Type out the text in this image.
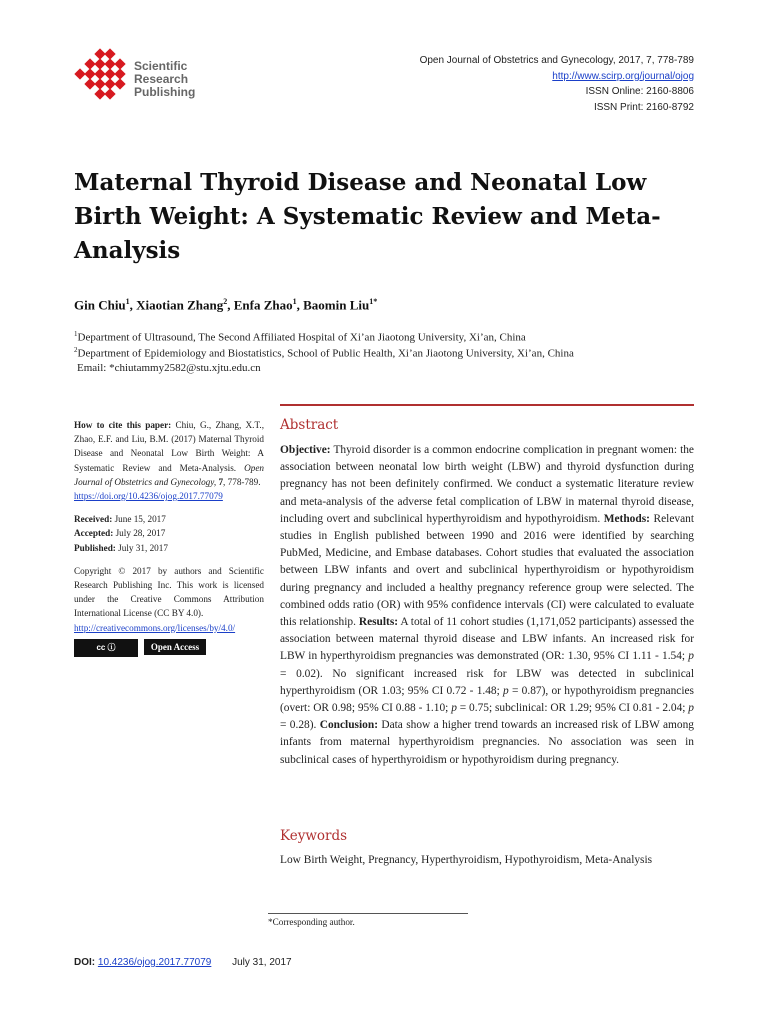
Scientific
Research
Publishing
Open Journal of Obstetrics and Gynecology, 2017, 7, 778-789
http://www.scirp.org/journal/ojog
ISSN Online: 2160-8806
ISSN Print: 2160-8792
Maternal Thyroid Disease and Neonatal Low Birth Weight: A Systematic Review and Meta-Analysis
Gin Chiu$^1$, Xiaotian Zhang$^2$, Enfa Zhao$^1$, Baomin Liu$^{1*}$
$^1$Department of Ultrasound, The Second Affiliated Hospital of Xi’an Jiaotong University, Xi’an, China
$^2$Department of Epidemiology and Biostatistics, School of Public Health, Xi’an Jiaotong University, Xi’an, China
Email: *chiutammy2582@stu.xjtu.edu.cn
How to cite this paper: Chiu, G., Zhang, X.T., Zhao, E.F. and Liu, B.M. (2017) Maternal Thyroid Disease and Neonatal Low Birth Weight: A Systematic Review and Meta-Analysis. Open Journal of Obstetrics and Gynecology, 7, 778-789.
https://doi.org/10.4236/ojog.2017.77079
Received: June 15, 2017
Accepted: July 28, 2017
Published: July 31, 2017
Copyright © 2017 by authors and Scientific Research Publishing Inc. This work is licensed under the Creative Commons Attribution International License (CC BY 4.0).
http://creativecommons.org/licenses/by/4.0/
cc ⓘ	Open Access
Abstract

Objective: Thyroid disorder is a common endocrine complication in pregnant women: the association between neonatal low birth weight (LBW) and thyroid dysfunction during pregnancy has not been definitely confirmed. We conduct a systematic literature review and meta-analysis of the adverse fetal complication of LBW in maternal thyroid disease, including overt and subclinical hyperthyroidism and hypothyroidism. Methods: Relevant studies in English published between 1990 and 2016 were identified by searching PubMed, Medicine, and Embase databases. Cohort studies that evaluated the association between LBW infants and overt and subclinical hyperthyroidism or hypothyroidism during pregnancy and included a healthy pregnancy reference group were selected. The combined odds ratio (OR) with 95% confidence intervals (CI) were calculated to evaluate this relationship. Results: A total of 11 cohort studies (1,171,052 participants) assessed the association between maternal thyroid disease and LBW infants. An increased risk for LBW in hyperthyroidism pregnancies was demonstrated (OR: 1.30, 95% CI 1.11 - 1.54; p = 0.02). No significant increased risk for LBW was detected in subclinical hyperthyroidism (OR 1.03; 95% CI 0.72 - 1.48; p = 0.87), or hypothyroidism pregnancies (overt: OR 0.98; 95% CI 0.88 - 1.10; p = 0.75; subclinical: OR 1.29; 95% CI 0.81 - 2.04; p = 0.28). Conclusion: Data show a higher trend towards an increased risk of LBW among infants from maternal hyperthyroidism pregnancies. No association was seen in subclinical cases of hyperthyroidism or hypothyroidism during pregnancy.

Keywords

Low Birth Weight, Pregnancy, Hyperthyroidism, Hypothyroidism, Meta-Analysis

*Corresponding author.
DOI: 10.4236/ojog.2017.77079 July 31, 2017
